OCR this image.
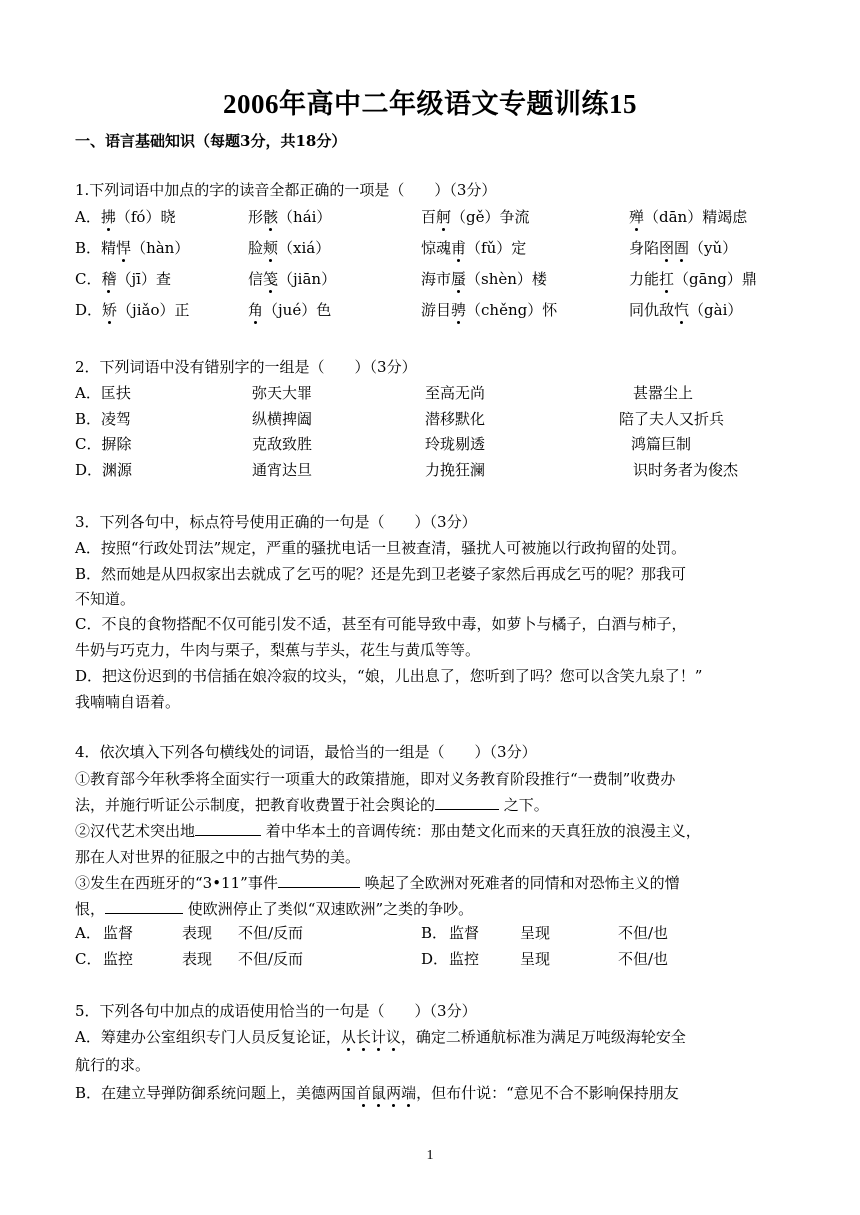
2006年高中二年级语文专题训练15
一、语言基础知识（每题3分，共18分）
1.下列词语中加点的字的读音全都正确的一项是（　　）（3分）
A．拂（fó）晓	形骸（hái）	百舸（gě）争流	殚（dān）精竭虑
B．精悍（hàn）	脸颊（xiá）	惊魂甫（fǔ）定	身陷囹圄（yǔ）
C．稽（jī）查	信笺（jiān）	海市蜃（shèn）楼	力能扛（gāng）鼎
D．矫（jiǎo）正	角（jué）色	游目骋（chěng）怀	同仇敌忾（gài）
2．下列词语中没有错别字的一组是（　　）（3分）
A．匡扶	弥天大罪	至高无尚	甚嚣尘上
B．凌驾	纵横捭阖	潜移默化	陪了夫人又折兵
C．摒除	克敌致胜	玲珑剔透	鸿篇巨制
D．渊源	通宵达旦	力挽狂澜	识时务者为俊杰
3．下列各句中，标点符号使用正确的一句是（　　）（3分）
A．按照“行政处罚法”规定，严重的骚扰电话一旦被查清，骚扰人可被施以行政拘留的处罚。
B．然而她是从四叔家出去就成了乞丐的呢？还是先到卫老婆子家然后再成乞丐的呢？那我可
不知道。
C．不良的食物搭配不仅可能引发不适，甚至有可能导致中毒，如萝卜与橘子，白酒与柿子，
牛奶与巧克力，牛肉与栗子，梨蕉与芋头，花生与黄瓜等等。
D．把这份迟到的书信插在娘冷寂的坟头，“娘，儿出息了，您听到了吗？您可以含笑九泉了！”
我喃喃自语着。
4．依次填入下列各句横线处的词语，最恰当的一组是（　　）（3分）
①教育部今年秋季将全面实行一项重大的政策措施，即对义务教育阶段推行“一费制”收费办
法，并施行听证公示制度，把教育收费置于社会舆论的	之下。
②汉代艺术突出地	着中华本土的音调传统：那由楚文化而来的天真狂放的浪漫主义，
那在人对世界的征服之中的古拙气势的美。
③发生在西班牙的“3•11”事件	唤起了全欧洲对死难者的同情和对恐怖主义的憎
恨，	使欧洲停止了类似“双速欧洲”之类的争吵。
A． 监督	表现 不但/反而	B． 监督	呈现	不但/也
C． 监控	表现 不但/反而	D． 监控	呈现	不但/也
5．下列各句中加点的成语使用恰当的一句是（　　）（3分）
A．筹建办公室组织专门人员反复论证，从长计议，确定二桥通航标准为满足万吨级海轮安全
航行的求。
B．在建立导弹防御系统问题上，美德两国首鼠两端，但布什说：“意见不合不影响保持朋友
1
